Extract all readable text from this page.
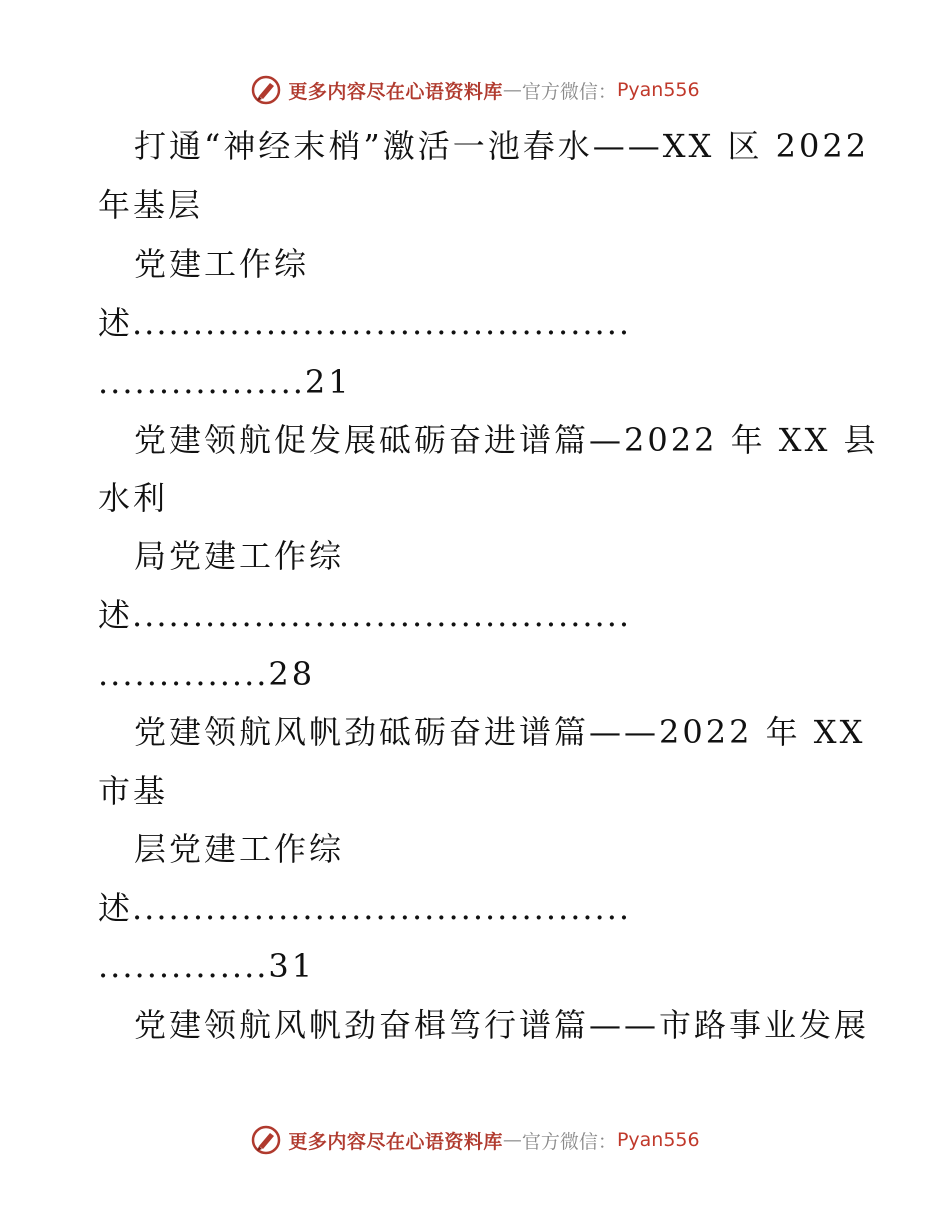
更多内容尽在心语资料库 — 官方微信： Pyan556
打通“神经末梢”激活一池春水——XX 区 2022
年基层
党建工作综
述.........................................
.................21
党建领航促发展砥砺奋进谱篇—2022 年 XX 县
水利
局党建工作综
述.........................................
..............28
党建领航风帆劲砥砺奋进谱篇——2022 年 XX
市基
层党建工作综
述.........................................
..............31
党建领航风帆劲奋楫笃行谱篇——市路事业发展
更多内容尽在心语资料库 — 官方微信： Pyan556
